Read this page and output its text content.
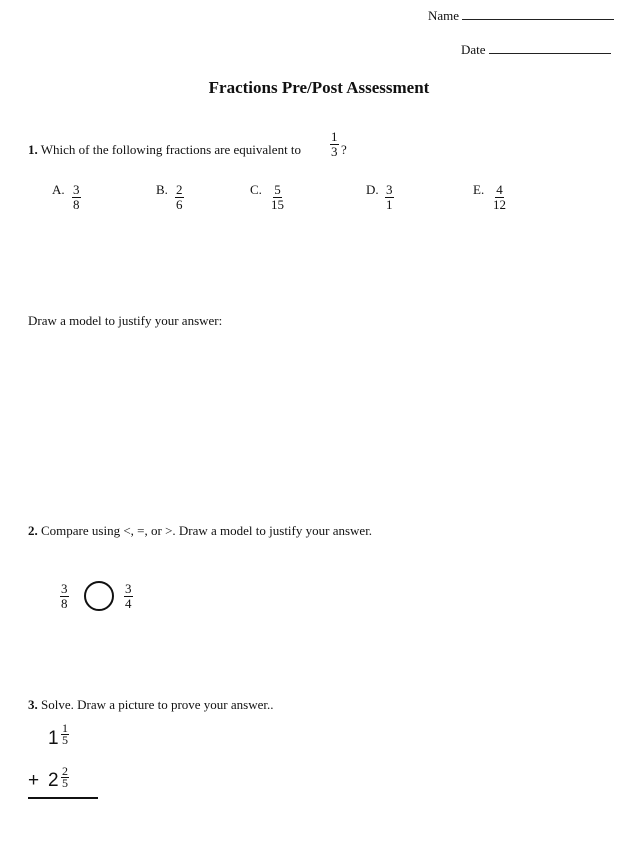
Name
Date
Fractions Pre/Post Assessment
1. Which of the following fractions are equivalent to $\frac{1}{3}$ ?
A. $\frac{3}{8}$	B. $\frac{2}{6}$	C. $\frac{5}{15}$	D. $\frac{3}{1}$	E. $\frac{4}{12}$
Draw a model to justify your answer:
2. Compare using <, =, or >. Draw a model to justify your answer.
$\frac{3}{8}$	$\frac{3}{4}$
3. Solve. Draw a picture to prove your answer..
$1 \frac{1}{5}$
+ $2 \frac{2}{5}$
